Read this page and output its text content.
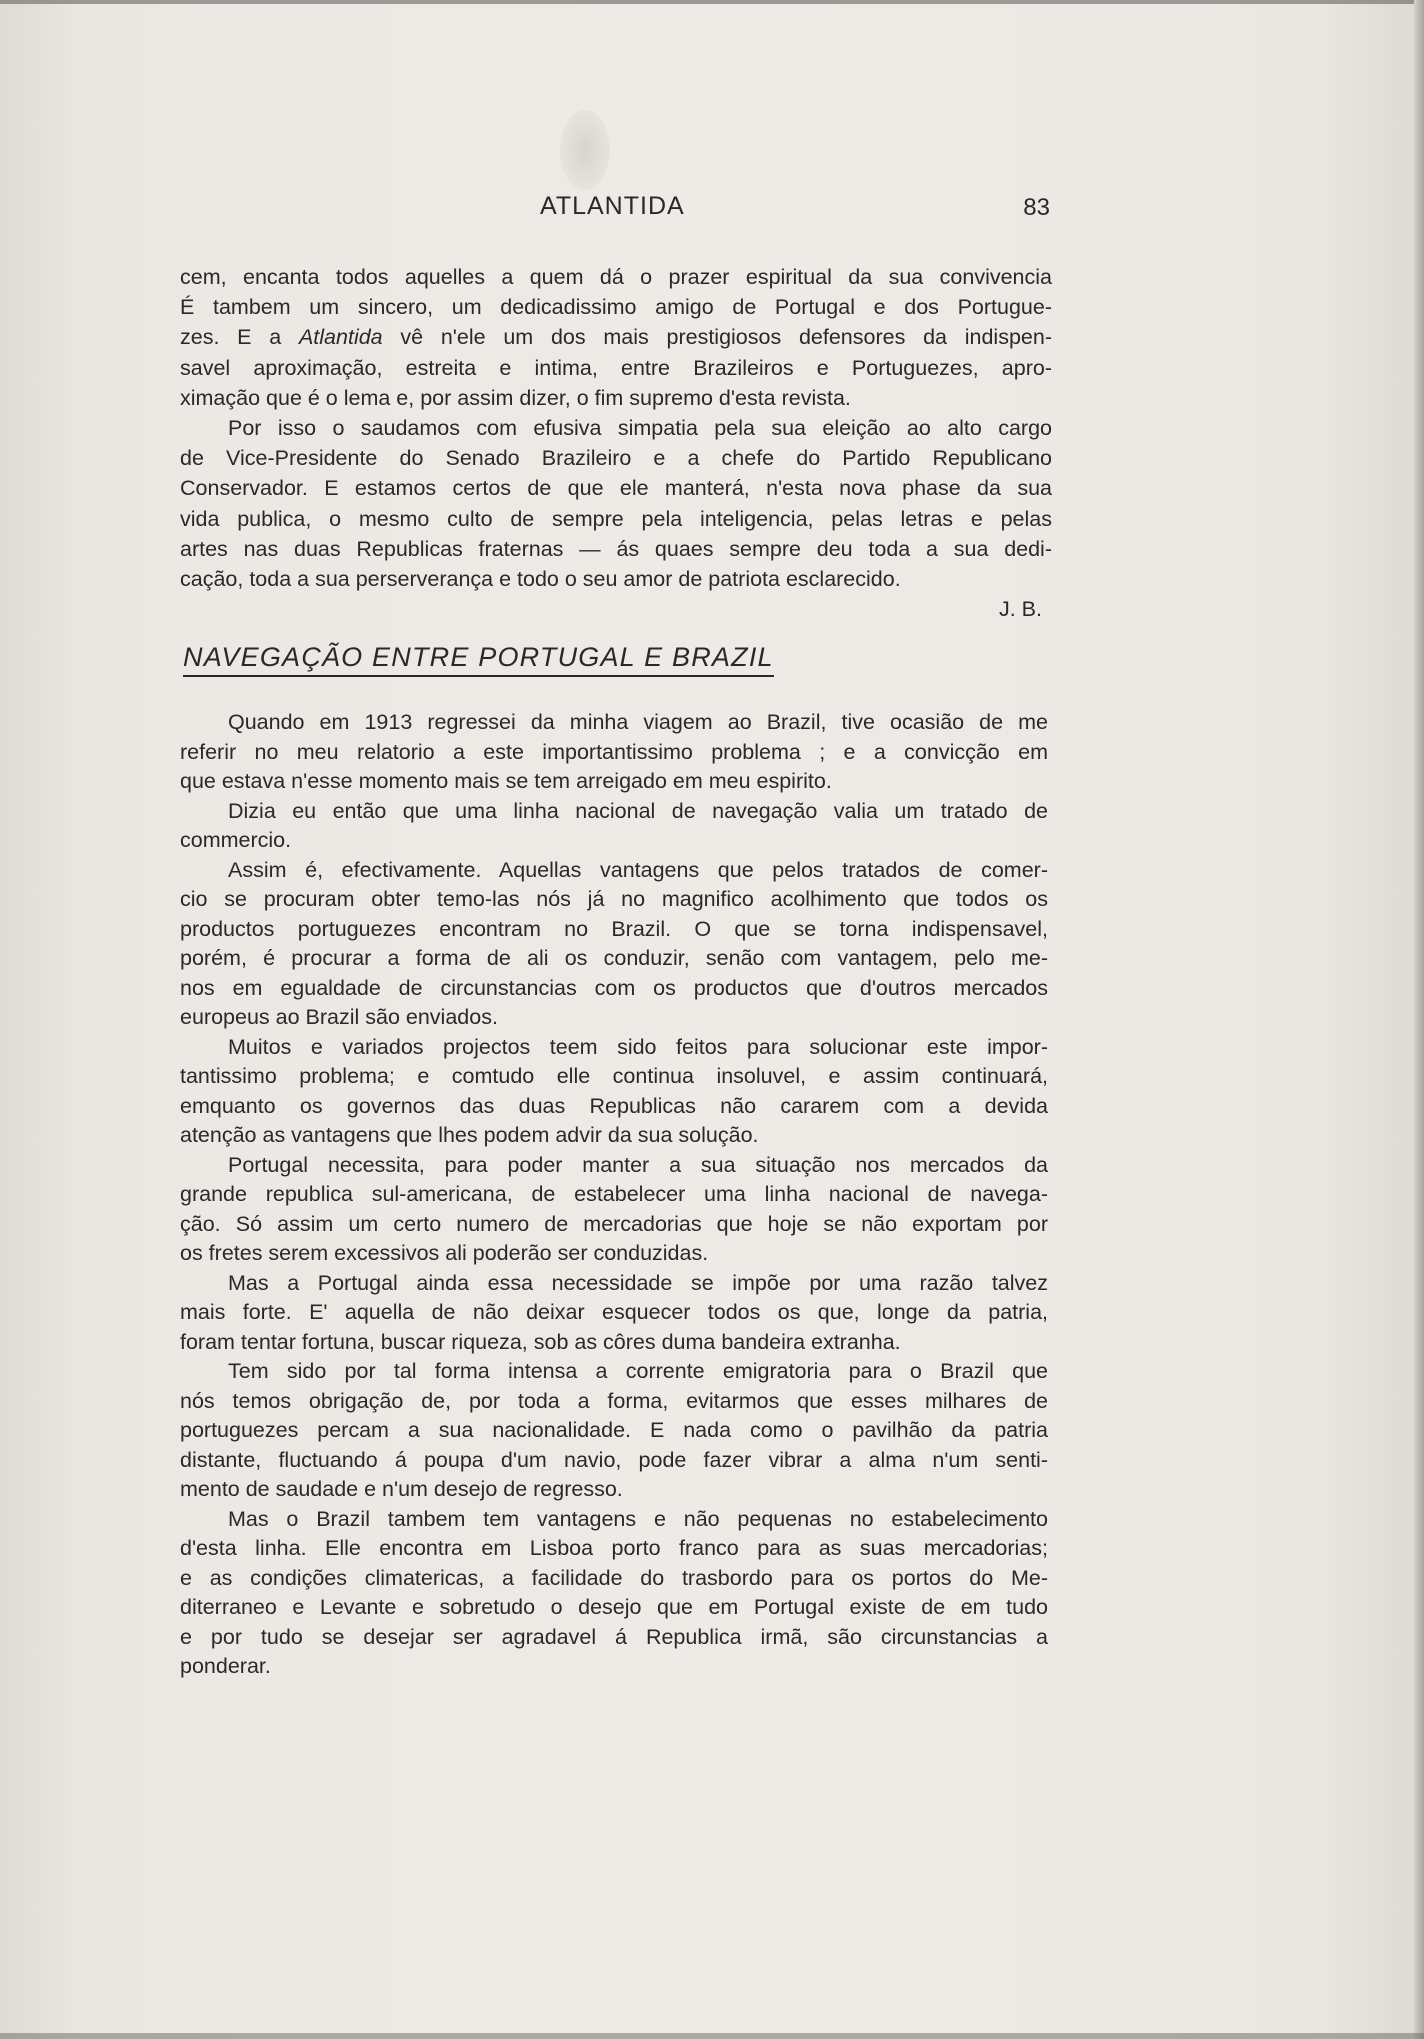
ATLANTIDA	83
cem, encanta todos aquelles a quem dá o prazer espiritual da sua convivencia
É tambem um sincero, um dedicadissimo amigo de Portugal e dos Portugue-
zes. E a Atlantida vê n'ele um dos mais prestigiosos defensores da indispen-
savel aproximação, estreita e intima, entre Brazileiros e Portuguezes, apro-
ximação que é o lema e, por assim dizer, o fim supremo d'esta revista.
Por isso o saudamos com efusiva simpatia pela sua eleição ao alto cargo
de Vice-Presidente do Senado Brazileiro e a chefe do Partido Republicano
Conservador. E estamos certos de que ele manterá, n'esta nova phase da sua
vida publica, o mesmo culto de sempre pela inteligencia, pelas letras e pelas
artes nas duas Republicas fraternas — ás quaes sempre deu toda a sua dedi-
cação, toda a sua perserverança e todo o seu amor de patriota esclarecido.
J. B.
NAVEGAÇÃO ENTRE PORTUGAL E BRAZIL
Quando em 1913 regressei da minha viagem ao Brazil, tive ocasião de me
referir no meu relatorio a este importantissimo problema ; e a convicção em
que estava n'esse momento mais se tem arreigado em meu espirito.
Dizia eu então que uma linha nacional de navegação valia um tratado de
commercio.
Assim é, efectivamente. Aquellas vantagens que pelos tratados de comer-
cio se procuram obter temo-las nós já no magnifico acolhimento que todos os
productos portuguezes encontram no Brazil. O que se torna indispensavel,
porém, é procurar a forma de ali os conduzir, senão com vantagem, pelo me-
nos em egualdade de circunstancias com os productos que d'outros mercados
europeus ao Brazil são enviados.
Muitos e variados projectos teem sido feitos para solucionar este impor-
tantissimo problema; e comtudo elle continua insoluvel, e assim continuará,
emquanto os governos das duas Republicas não cararem com a devida
atenção as vantagens que lhes podem advir da sua solução.
Portugal necessita, para poder manter a sua situação nos mercados da
grande republica sul-americana, de estabelecer uma linha nacional de navega-
ção. Só assim um certo numero de mercadorias que hoje se não exportam por
os fretes serem excessivos ali poderão ser conduzidas.
Mas a Portugal ainda essa necessidade se impõe por uma razão talvez
mais forte. E' aquella de não deixar esquecer todos os que, longe da patria,
foram tentar fortuna, buscar riqueza, sob as côres duma bandeira extranha.
Tem sido por tal forma intensa a corrente emigratoria para o Brazil que
nós temos obrigação de, por toda a forma, evitarmos que esses milhares de
portuguezes percam a sua nacionalidade. E nada como o pavilhão da patria
distante, fluctuando á poupa d'um navio, pode fazer vibrar a alma n'um senti-
mento de saudade e n'um desejo de regresso.
Mas o Brazil tambem tem vantagens e não pequenas no estabelecimento
d'esta linha. Elle encontra em Lisboa porto franco para as suas mercadorias;
e as condições climatericas, a facilidade do trasbordo para os portos do Me-
diterraneo e Levante e sobretudo o desejo que em Portugal existe de em tudo
e por tudo se desejar ser agradavel á Republica irmã, são circunstancias a
ponderar.
